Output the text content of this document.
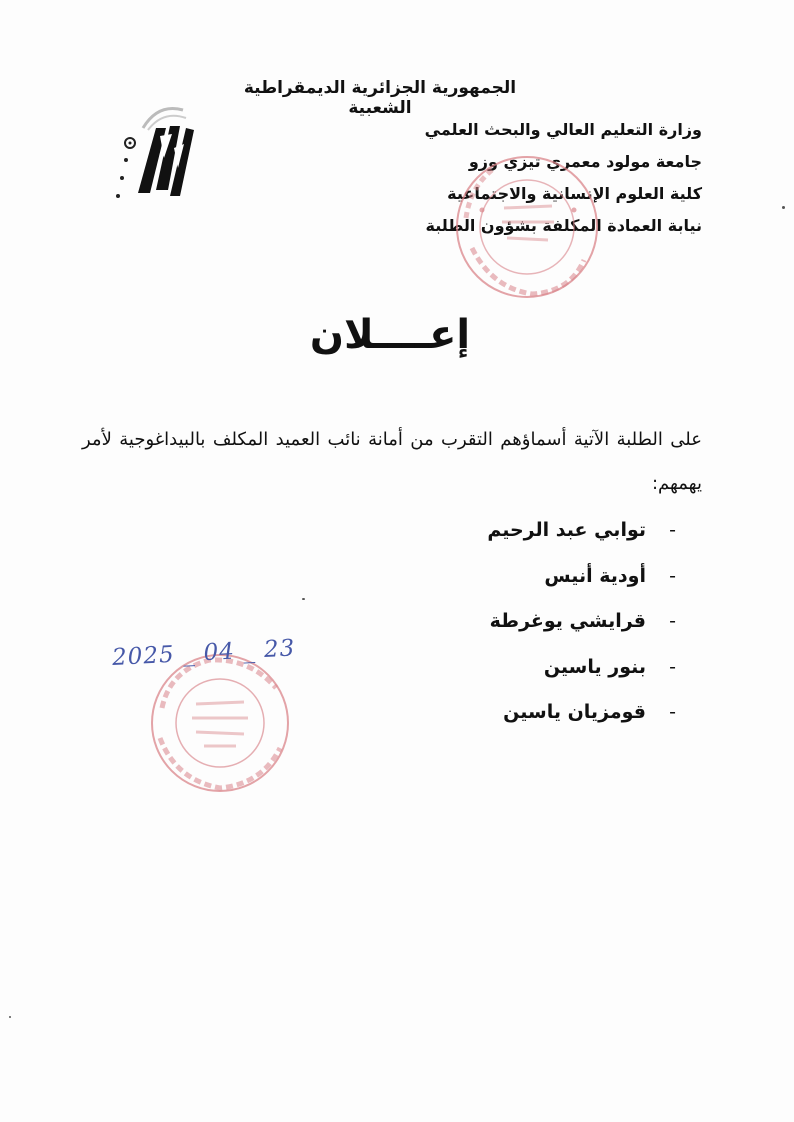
الجمهورية الجزائرية الديمقراطية الشعبية
وزارة التعليم العالي والبحث العلمي
جامعة مولود معمري تيزي وزو
كلية العلوم الإنسانية والاجتماعية
نيابة العمادة المكلفة بشؤون الطلبة
إعــــلان
على الطلبة الآتية أسماؤهم التقرب من أمانة نائب العميد المكلف بالبيداغوجية لأمر يهمهم:
-
توابي عبد الرحيم
-
أودية أنيس
-
قرايشي يوغرطة
-
بنور ياسين
-
قومزيان ياسين
2025 _ 04 _ 23
